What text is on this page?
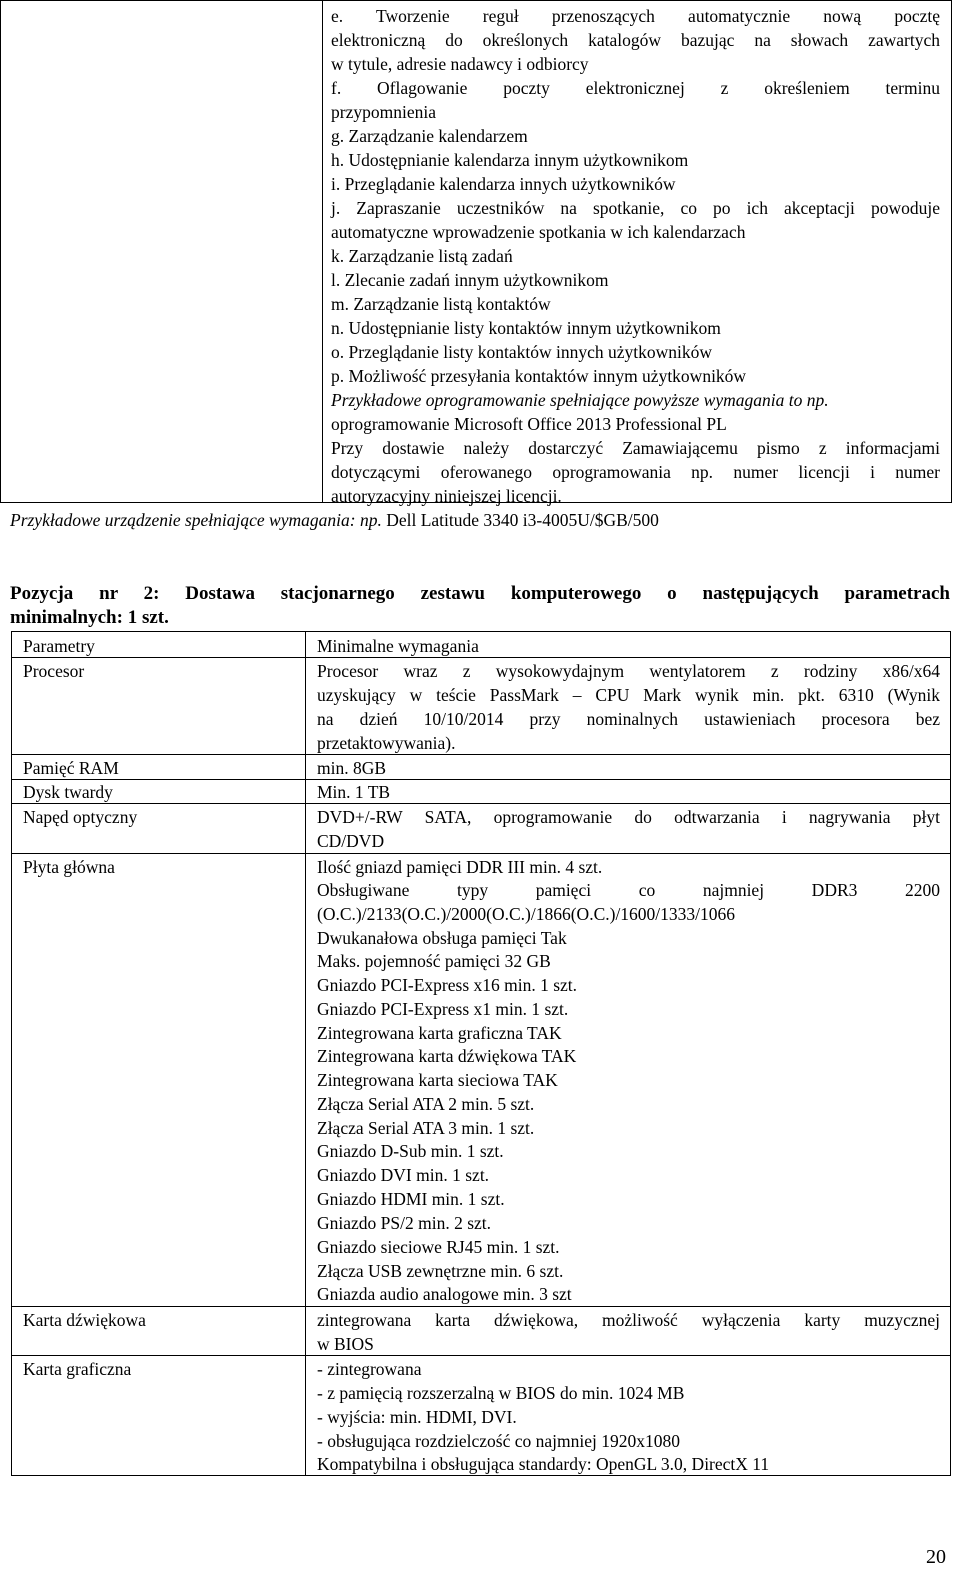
e. Tworzenie reguł przenoszących automatycznie nową pocztę
elektroniczną do określonych katalogów bazując na słowach zawartych
w tytule, adresie nadawcy i odbiorcy
f. Oflagowanie poczty elektronicznej z określeniem terminu
przypomnienia
g. Zarządzanie kalendarzem
h. Udostępnianie kalendarza innym użytkownikom
i. Przeglądanie kalendarza innych użytkowników
j. Zapraszanie uczestników na spotkanie, co po ich akceptacji powoduje
automatyczne wprowadzenie spotkania w ich kalendarzach
k. Zarządzanie listą zadań
l. Zlecanie zadań innym użytkownikom
m. Zarządzanie listą kontaktów
n. Udostępnianie listy kontaktów innym użytkownikom
o. Przeglądanie listy kontaktów innych użytkowników
p. Możliwość przesyłania kontaktów innym użytkowników
Przykładowe oprogramowanie spełniające powyższe wymagania to np.
oprogramowanie Microsoft Office 2013 Professional PL
Przy dostawie należy dostarczyć Zamawiającemu pismo z informacjami
dotyczącymi oferowanego oprogramowania np. numer licencji i numer
autoryzacyjny niniejszej licencji.
Przykładowe urządzenie spełniające wymagania: np. Dell Latitude 3340 i3-4005U/$GB/500
Pozycja nr 2: Dostawa stacjonarnego zestawu komputerowego o następujących parametrach
minimalnych: 1 szt.
Parametry	Minimalne wymagania
Procesor	Procesor wraz z wysokowydajnym wentylatorem z rodziny x86/x64
uzyskujący w teście PassMark – CPU Mark wynik min. pkt. 6310 (Wynik
na dzień 10/10/2014 przy nominalnych ustawieniach procesora bez
przetaktowywania).
Pamięć RAM	min. 8GB
Dysk twardy	Min. 1 TB
Napęd optyczny	DVD+/-RW SATA, oprogramowanie do odtwarzania i nagrywania płyt
CD/DVD
Płyta główna	Ilość gniazd pamięci DDR III min. 4 szt.
Obsługiwane typy pamięci co najmniej DDR3 2200
(O.C.)/2133(O.C.)/2000(O.C.)/1866(O.C.)/1600/1333/1066
Dwukanałowa obsługa pamięci Tak
Maks. pojemność pamięci 32 GB
Gniazdo PCI-Express x16 min. 1 szt.
Gniazdo PCI-Express x1 min. 1 szt.
Zintegrowana karta graficzna TAK
Zintegrowana karta dźwiękowa TAK
Zintegrowana karta sieciowa TAK
Złącza Serial ATA 2 min. 5 szt.
Złącza Serial ATA 3 min. 1 szt.
Gniazdo D-Sub min. 1 szt.
Gniazdo DVI min. 1 szt.
Gniazdo HDMI min. 1 szt.
Gniazdo PS/2 min. 2 szt.
Gniazdo sieciowe RJ45 min. 1 szt.
Złącza USB zewnętrzne min. 6 szt.
Gniazda audio analogowe min. 3 szt
Karta dźwiękowa	zintegrowana karta dźwiękowa, możliwość wyłączenia karty muzycznej
w BIOS
Karta graficzna	- zintegrowana
- z pamięcią rozszerzalną w BIOS do min. 1024 MB
- wyjścia: min. HDMI, DVI.
- obsługująca rozdzielczość co najmniej 1920x1080
Kompatybilna i obsługująca standardy: OpenGL 3.0, DirectX 11
20
